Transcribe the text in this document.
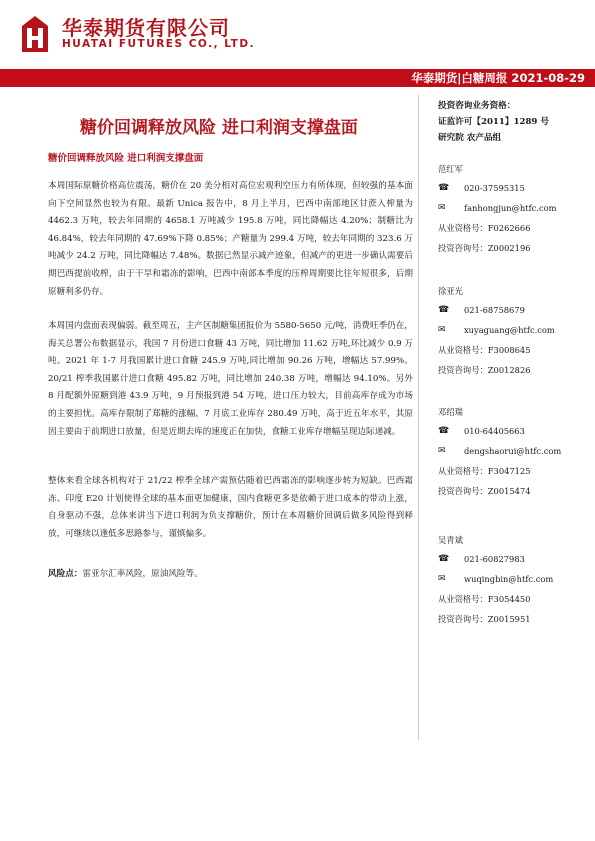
华泰期货有限公司
HUATAI FUTURES CO., LTD.
华泰期货|白糖周报 2021-08-29
糖价回调释放风险 进口利润支撑盘面
糖价回调释放风险 进口利润支撑盘面

本周国际原糖价格高位震荡，糖价在 20 美分相对高位宏观利空压力有所体现，但较强的基本面向下空间显然也较为有限。最新 Unica 报告中，8 月上半月，巴西中南部地区甘蔗入榨量为 4462.3 万吨，较去年同期的 4658.1 万吨减少 195.8 万吨，同比降幅达 4.20%；制糖比为 46.84%，较去年同期的 47.69%下降 0.85%；产糖量为 299.4 万吨，较去年同期的 323.6 万吨减少 24.2 万吨，同比降幅达 7.48%。数据已然显示减产迹象，但减产的更进一步确认需要后期巴西提前收榨，由于干旱和霜冻的影响，巴西中南部本季度的压榨周期要比往年短很多，后期原糖利多仍存。

本周国内盘面表现偏弱。截至周五，主产区制糖集团报价为 5580-5650 元/吨，消费旺季仍在，海关总署公布数据显示，我国 7 月份进口食糖 43 万吨，同比增加 11.62 万吨,环比减少 0.9 万吨。2021 年 1-7 月我国累计进口食糖 245.9 万吨,同比增加 90.26 万吨，增幅达 57.99%。20/21 榨季我国累计进口食糖 495.82 万吨，同比增加 240.38 万吨，增幅达 94.10%。另外 8 月配额外原糖到港 43.9 万吨，9 月预报到港 54 万吨，进口压力较大，目前高库存成为市场的主要担忧。高库存限制了郑糖的涨幅，7 月底工业库存 280.49 万吨，高于近五年水平，其原因主要由于前期进口放量，但是近期去库的速度正在加快，食糖工业库存增幅呈现边际递减。

整体来看全球各机构对于 21/22 榨季全球产需预估随着巴西霜冻的影响逐步转为短缺。巴西霜冻、印度 E20 计划使得全球的基本面更加健康，国内食糖更多是依赖于进口成本的带动上涨，自身驱动不强，总体来讲当下进口利润为负支撑糖价，预计在本周糖价回调后做多风险得到释放，可继续以逢低多思路参与，谨慎偏多。

风险点：雷亚尔汇率风险，原油风险等。

投资咨询业务资格：
证监许可【2011】1289 号
研究院 农产品组
范红军
☎	020-37595315
✉	fanhongjun@htfc.com
从业资格号：F0262666
投资咨询号：Z0002196
徐亚光
☎	021-68758679
✉	xuyaguang@htfc.com
从业资格号：F3008645
投资咨询号：Z0012826
邓绍瑞
☎	010-64405663
✉	dengshaorui@htfc.com
从业资格号：F3047125
投资咨询号：Z0015474
吴青斌
☎	021-60827983
✉	wuqingbin@htfc.com
从业资格号：F3054450
投资咨询号：Z0015951
